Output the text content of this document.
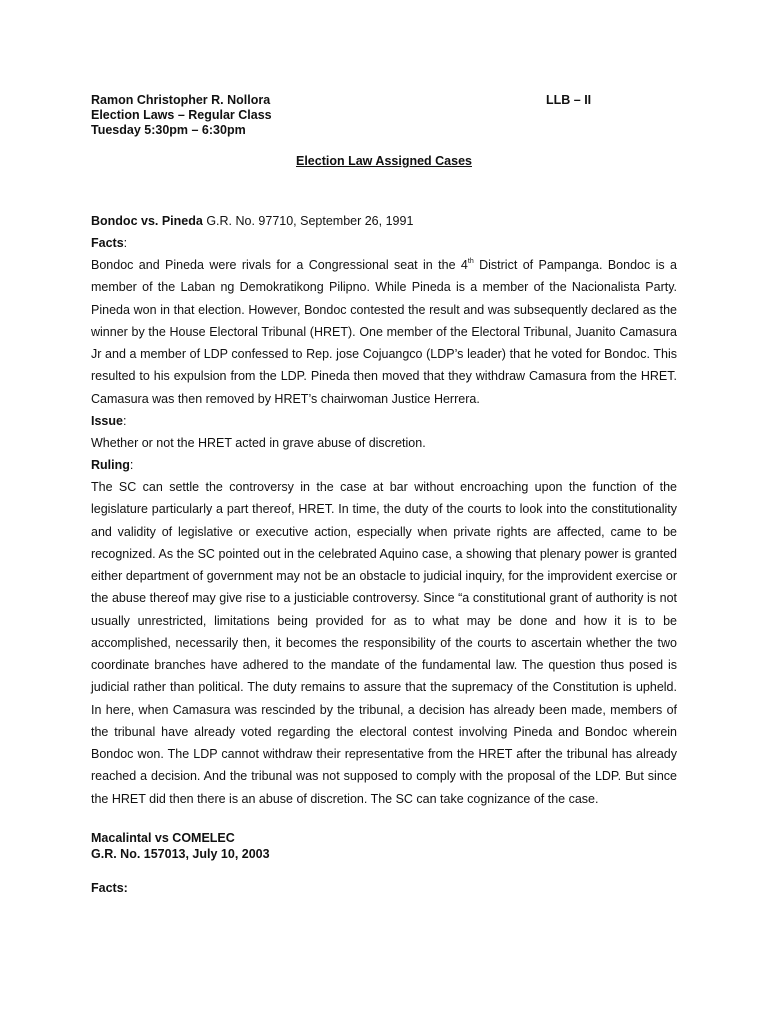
Ramon Christopher R. Nollora	LLB – II
Election Laws – Regular Class
Tuesday 5:30pm – 6:30pm
Election Law Assigned Cases
Bondoc vs. Pineda G.R. No. 97710, September 26, 1991
Facts:
Bondoc and Pineda were rivals for a Congressional seat in the 4th District of Pampanga. Bondoc is a member of the Laban ng Demokratikong Pilipno. While Pineda is a member of the Nacionalista Party. Pineda won in that election. However, Bondoc contested the result and was subsequently declared as the winner by the House Electoral Tribunal (HRET). One member of the Electoral Tribunal, Juanito Camasura Jr and a member of LDP confessed to Rep. jose Cojuangco (LDP’s leader) that he voted for Bondoc. This resulted to his expulsion from the LDP. Pineda then moved that they withdraw Camasura from the HRET. Camasura was then removed by HRET’s chairwoman Justice Herrera.
Issue:
Whether or not the HRET acted in grave abuse of discretion.
Ruling:
The SC can settle the controversy in the case at bar without encroaching upon the function of the legislature particularly a part thereof, HRET. In time, the duty of the courts to look into the constitutionality and validity of legislative or executive action, especially when private rights are affected, came to be recognized. As the SC pointed out in the celebrated Aquino case, a showing that plenary power is granted either department of government may not be an obstacle to judicial inquiry, for the improvident exercise or the abuse thereof may give rise to a justiciable controversy. Since “a constitutional grant of authority is not usually unrestricted, limitations being provided for as to what may be done and how it is to be accomplished, necessarily then, it becomes the responsibility of the courts to ascertain whether the two coordinate branches have adhered to the mandate of the fundamental law. The question thus posed is judicial rather than political. The duty remains to assure that the supremacy of the Constitution is upheld. In here, when Camasura was rescinded by the tribunal, a decision has already been made, members of the tribunal have already voted regarding the electoral contest involving Pineda and Bondoc wherein Bondoc won. The LDP cannot withdraw their representative from the HRET after the tribunal has already reached a decision. And the tribunal was not supposed to comply with the proposal of the LDP. But since the HRET did then there is an abuse of discretion. The SC can take cognizance of the case.
Macalintal vs COMELEC
G.R. No. 157013, July 10, 2003
Facts:
